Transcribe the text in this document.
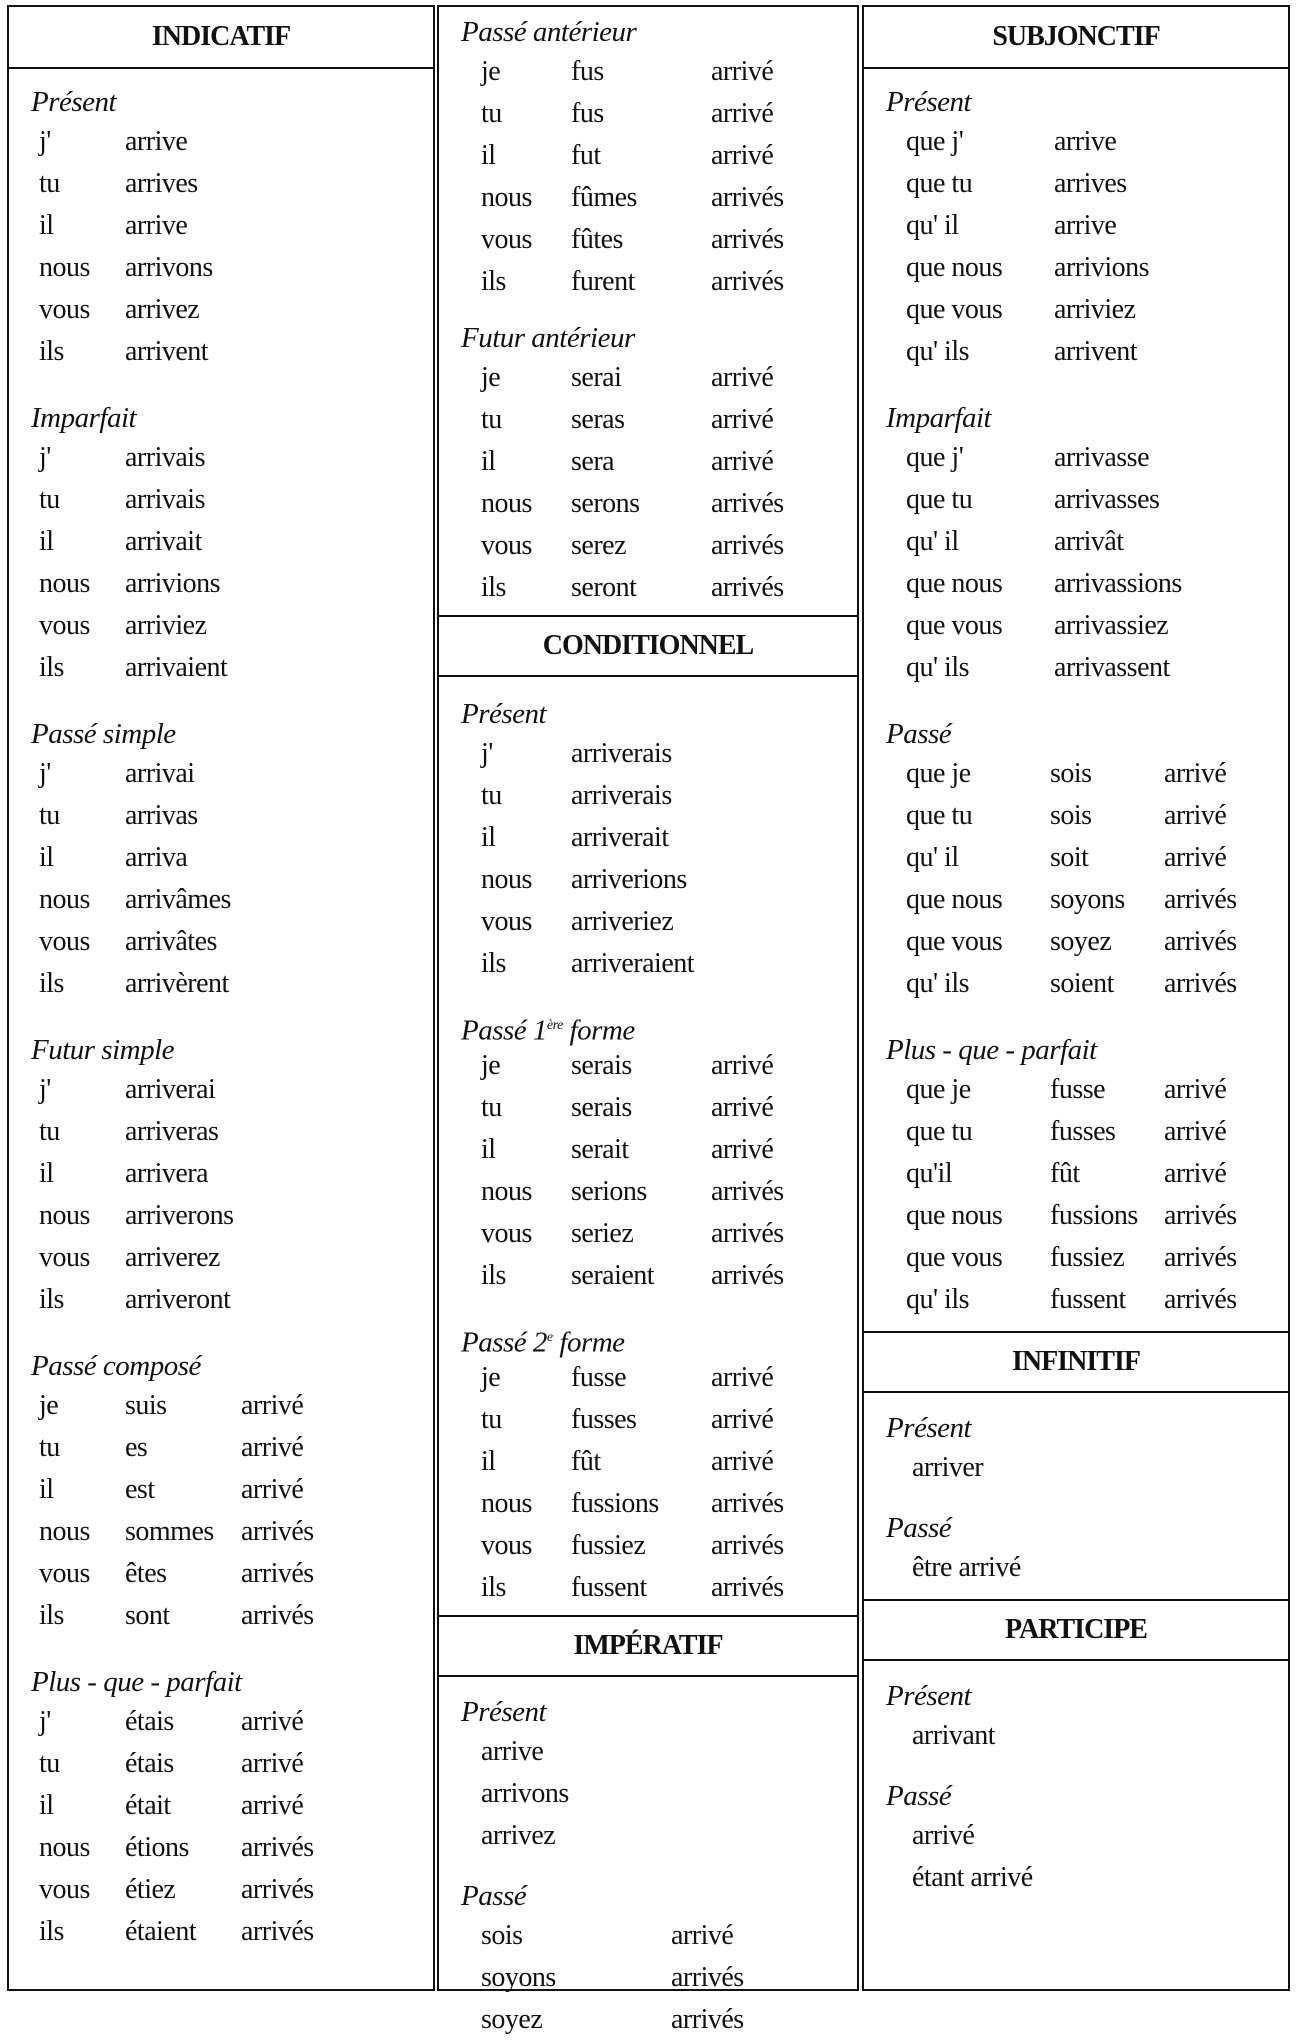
INDICATIF
Présent
j'	arrive
tu arrives
il	arrive
nous arrivons
vous arrivez
ils arrivent
Imparfait
j'	arrivais
tu arrivais
il	arrivait
nous arrivions
vous arriviez
ils arrivaient
Passé simple
j'	arrivai
tu arrivas
il	arriva
nous arrivâmes
vous arrivâtes
ils arrivèrent
Futur simple
j'	arriverai
tu arriveras
il	arrivera
nous arriverons
vous arriverez
ils arriveront
Passé composé
je suis	arrivé
tu es	arrivé
il	est	arrivé
nous sommes arrivés
vous êtes	arrivés
ils sont	arrivés
Plus - que - parfait
j'	étais arrivé
tu étais arrivé
il	était	arrivé
nous étions arrivés
vous étiez arrivés
ils étaient arrivés
Passé antérieur
je	fus	arrivé
tu fus	arrivé
il	fut	arrivé
nous fûmes	arrivés
vous fûtes	arrivés
ils furent	arrivés
Futur antérieur
je	serai	arrivé
tu seras	arrivé
il	sera	arrivé
nous serons	arrivés
vous serez	arrivés
ils seront	arrivés
CONDITIONNEL
Présent
j'	arriverais
tu arriverais
il	arriverait
nous arriverions
vous arriveriez
ils arriveraient
Passé 1ère forme
je	serais	arrivé
tu serais	arrivé
il	serait	arrivé
nous serions arrivés
vous seriez	arrivés
ils seraient arrivés
Passé 2e forme
je	fusse	arrivé
tu fusses	arrivé
il	fût	arrivé
nous fussions arrivés
vous fussiez arrivés
ils fussent arrivés
IMPÉRATIF
Présent
arrive
arrivons
arrivez
Passé
sois	arrivé
soyons	arrivés
soyez	arrivés
SUBJONCTIF
Présent
que j'	arrive
que tu	arrives
qu' il	arrive
que nous arrivions
que vous arriviez
qu' ils	arrivent
Imparfait
que j'	arrivasse
que tu	arrivasses
qu' il	arrivât
que nous arrivassions
que vous arrivassiez
qu' ils	arrivassent
Passé
que je	sois	arrivé
que tu	sois	arrivé
qu' il	soit	arrivé
que nous soyons arrivés
que vous soyez arrivés
qu' ils	soient arrivés
Plus - que - parfait
que je	fusse arrivé
que tu	fusses arrivé
qu'il	fût	arrivé
que nous fussions arrivés
que vous fussiez arrivés
qu' ils	fussent arrivés
INFINITIF
Présent
arriver
Passé
être arrivé
PARTICIPE
Présent
arrivant
Passé
arrivé
étant arrivé
